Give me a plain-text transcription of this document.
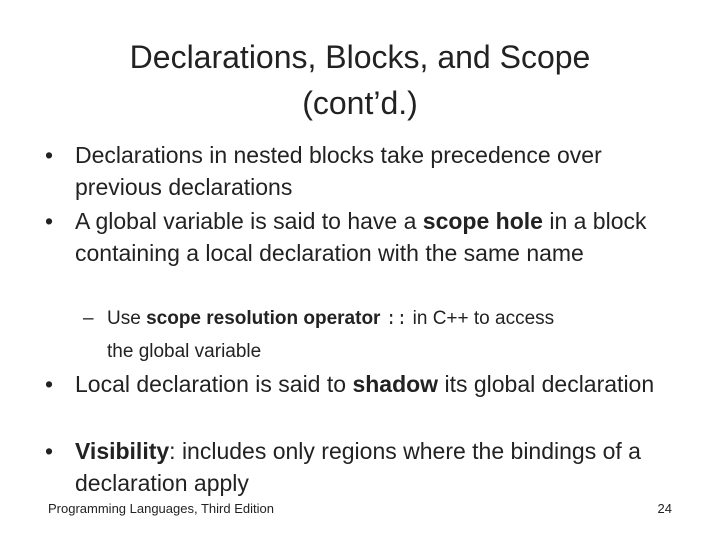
Declarations, Blocks, and Scope
(cont’d.)
• Declarations in nested blocks take precedence over previous declarations
• A global variable is said to have a scope hole in a block containing a local declaration with the same name
– Use scope resolution operator :: in C++ to access
the global variable
• Local declaration is said to shadow its global declaration
• Visibility: includes only regions where the bindings of a declaration apply
Programming Languages, Third Edition	24
